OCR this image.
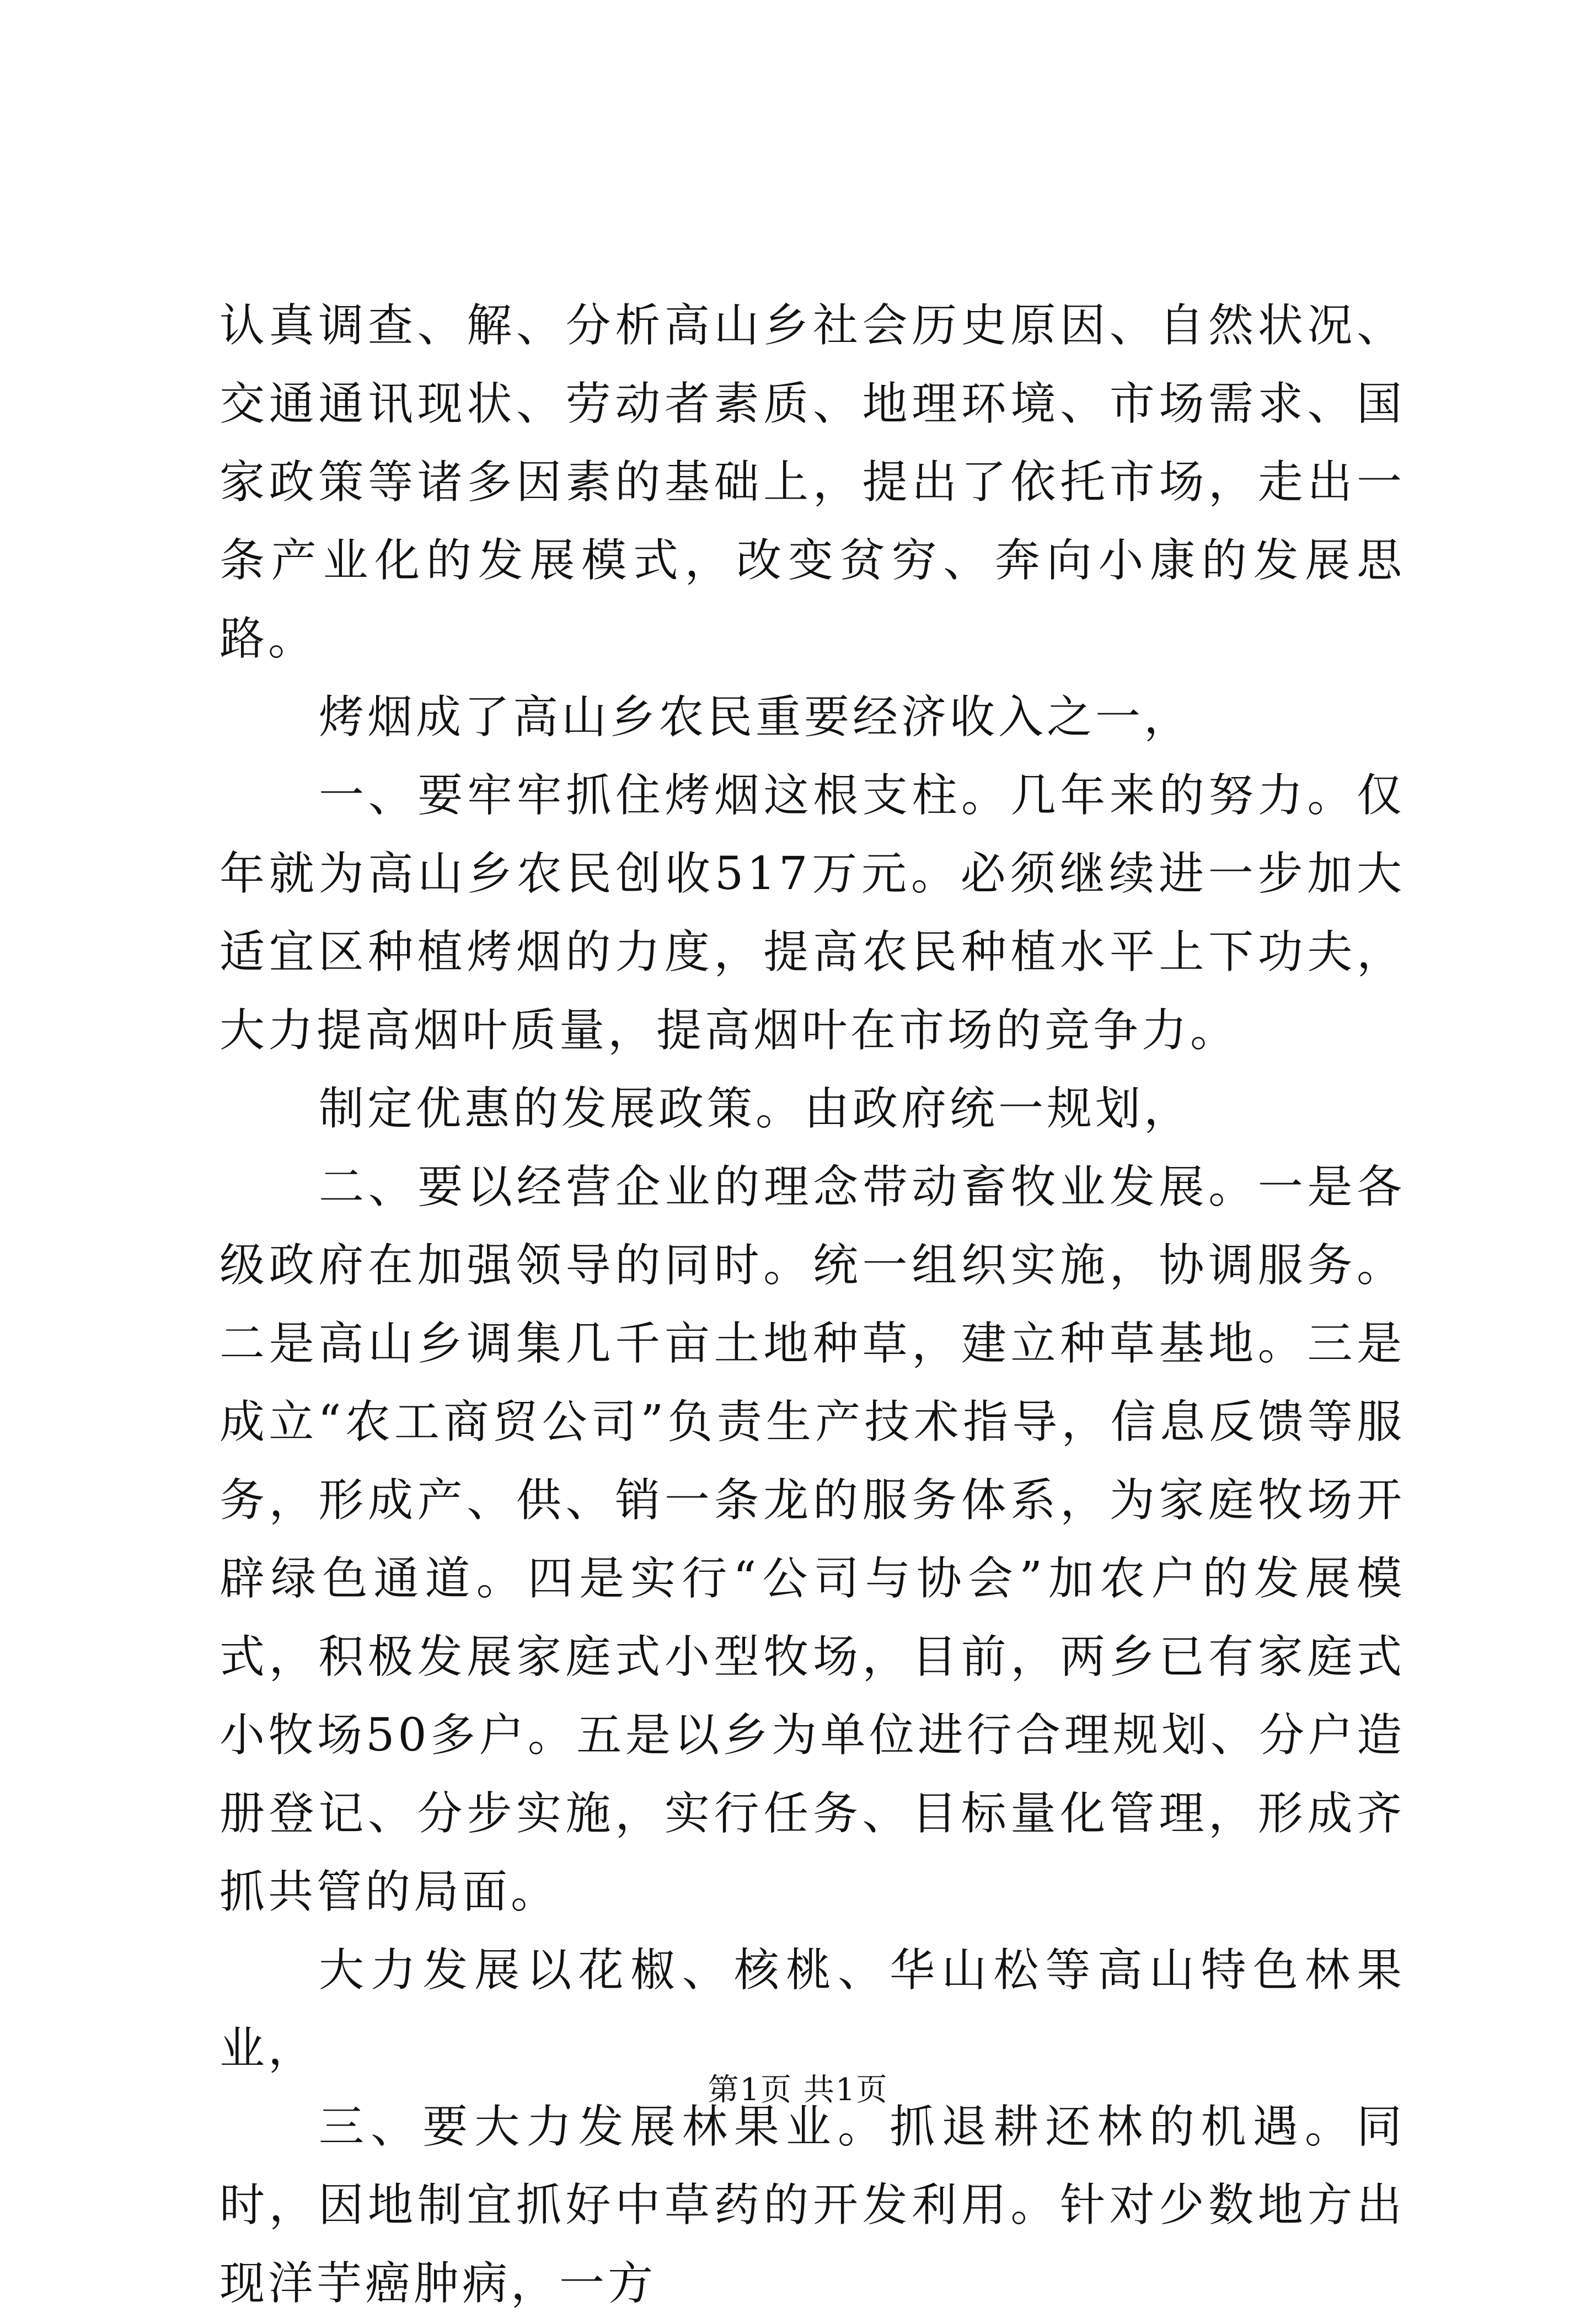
认真调查、解、分析高山乡社会历史原因、自然状况、交通通讯现状、劳动者素质、地理环境、市场需求、国家政策等诸多因素的基础上，提出了依托市场，走出一条产业化的发展模式，改变贫穷、奔向小康的发展思路。

烤烟成了高山乡农民重要经济收入之一，

一、要牢牢抓住烤烟这根支柱。几年来的努力。仅年就为高山乡农民创收517万元。必须继续进一步加大适宜区种植烤烟的力度，提高农民种植水平上下功夫，大力提高烟叶质量，提高烟叶在市场的竞争力。

制定优惠的发展政策。由政府统一规划，

二、要以经营企业的理念带动畜牧业发展。一是各级政府在加强领导的同时。统一组织实施，协调服务。二是高山乡调集几千亩土地种草，建立种草基地。三是成立“农工商贸公司”负责生产技术指导，信息反馈等服务，形成产、供、销一条龙的服务体系，为家庭牧场开辟绿色通道。四是实行“公司与协会”加农户的发展模式，积极发展家庭式小型牧场，目前，两乡已有家庭式小牧场50多户。五是以乡为单位进行合理规划、分户造册登记、分步实施，实行任务、目标量化管理，形成齐抓共管的局面。

大力发展以花椒、核桃、华山松等高山特色林果业，

三、要大力发展林果业。抓退耕还林的机遇。同时，因地制宜抓好中草药的开发利用。针对少数地方出现洋芋癌肿病，一方

第1页 共1页
